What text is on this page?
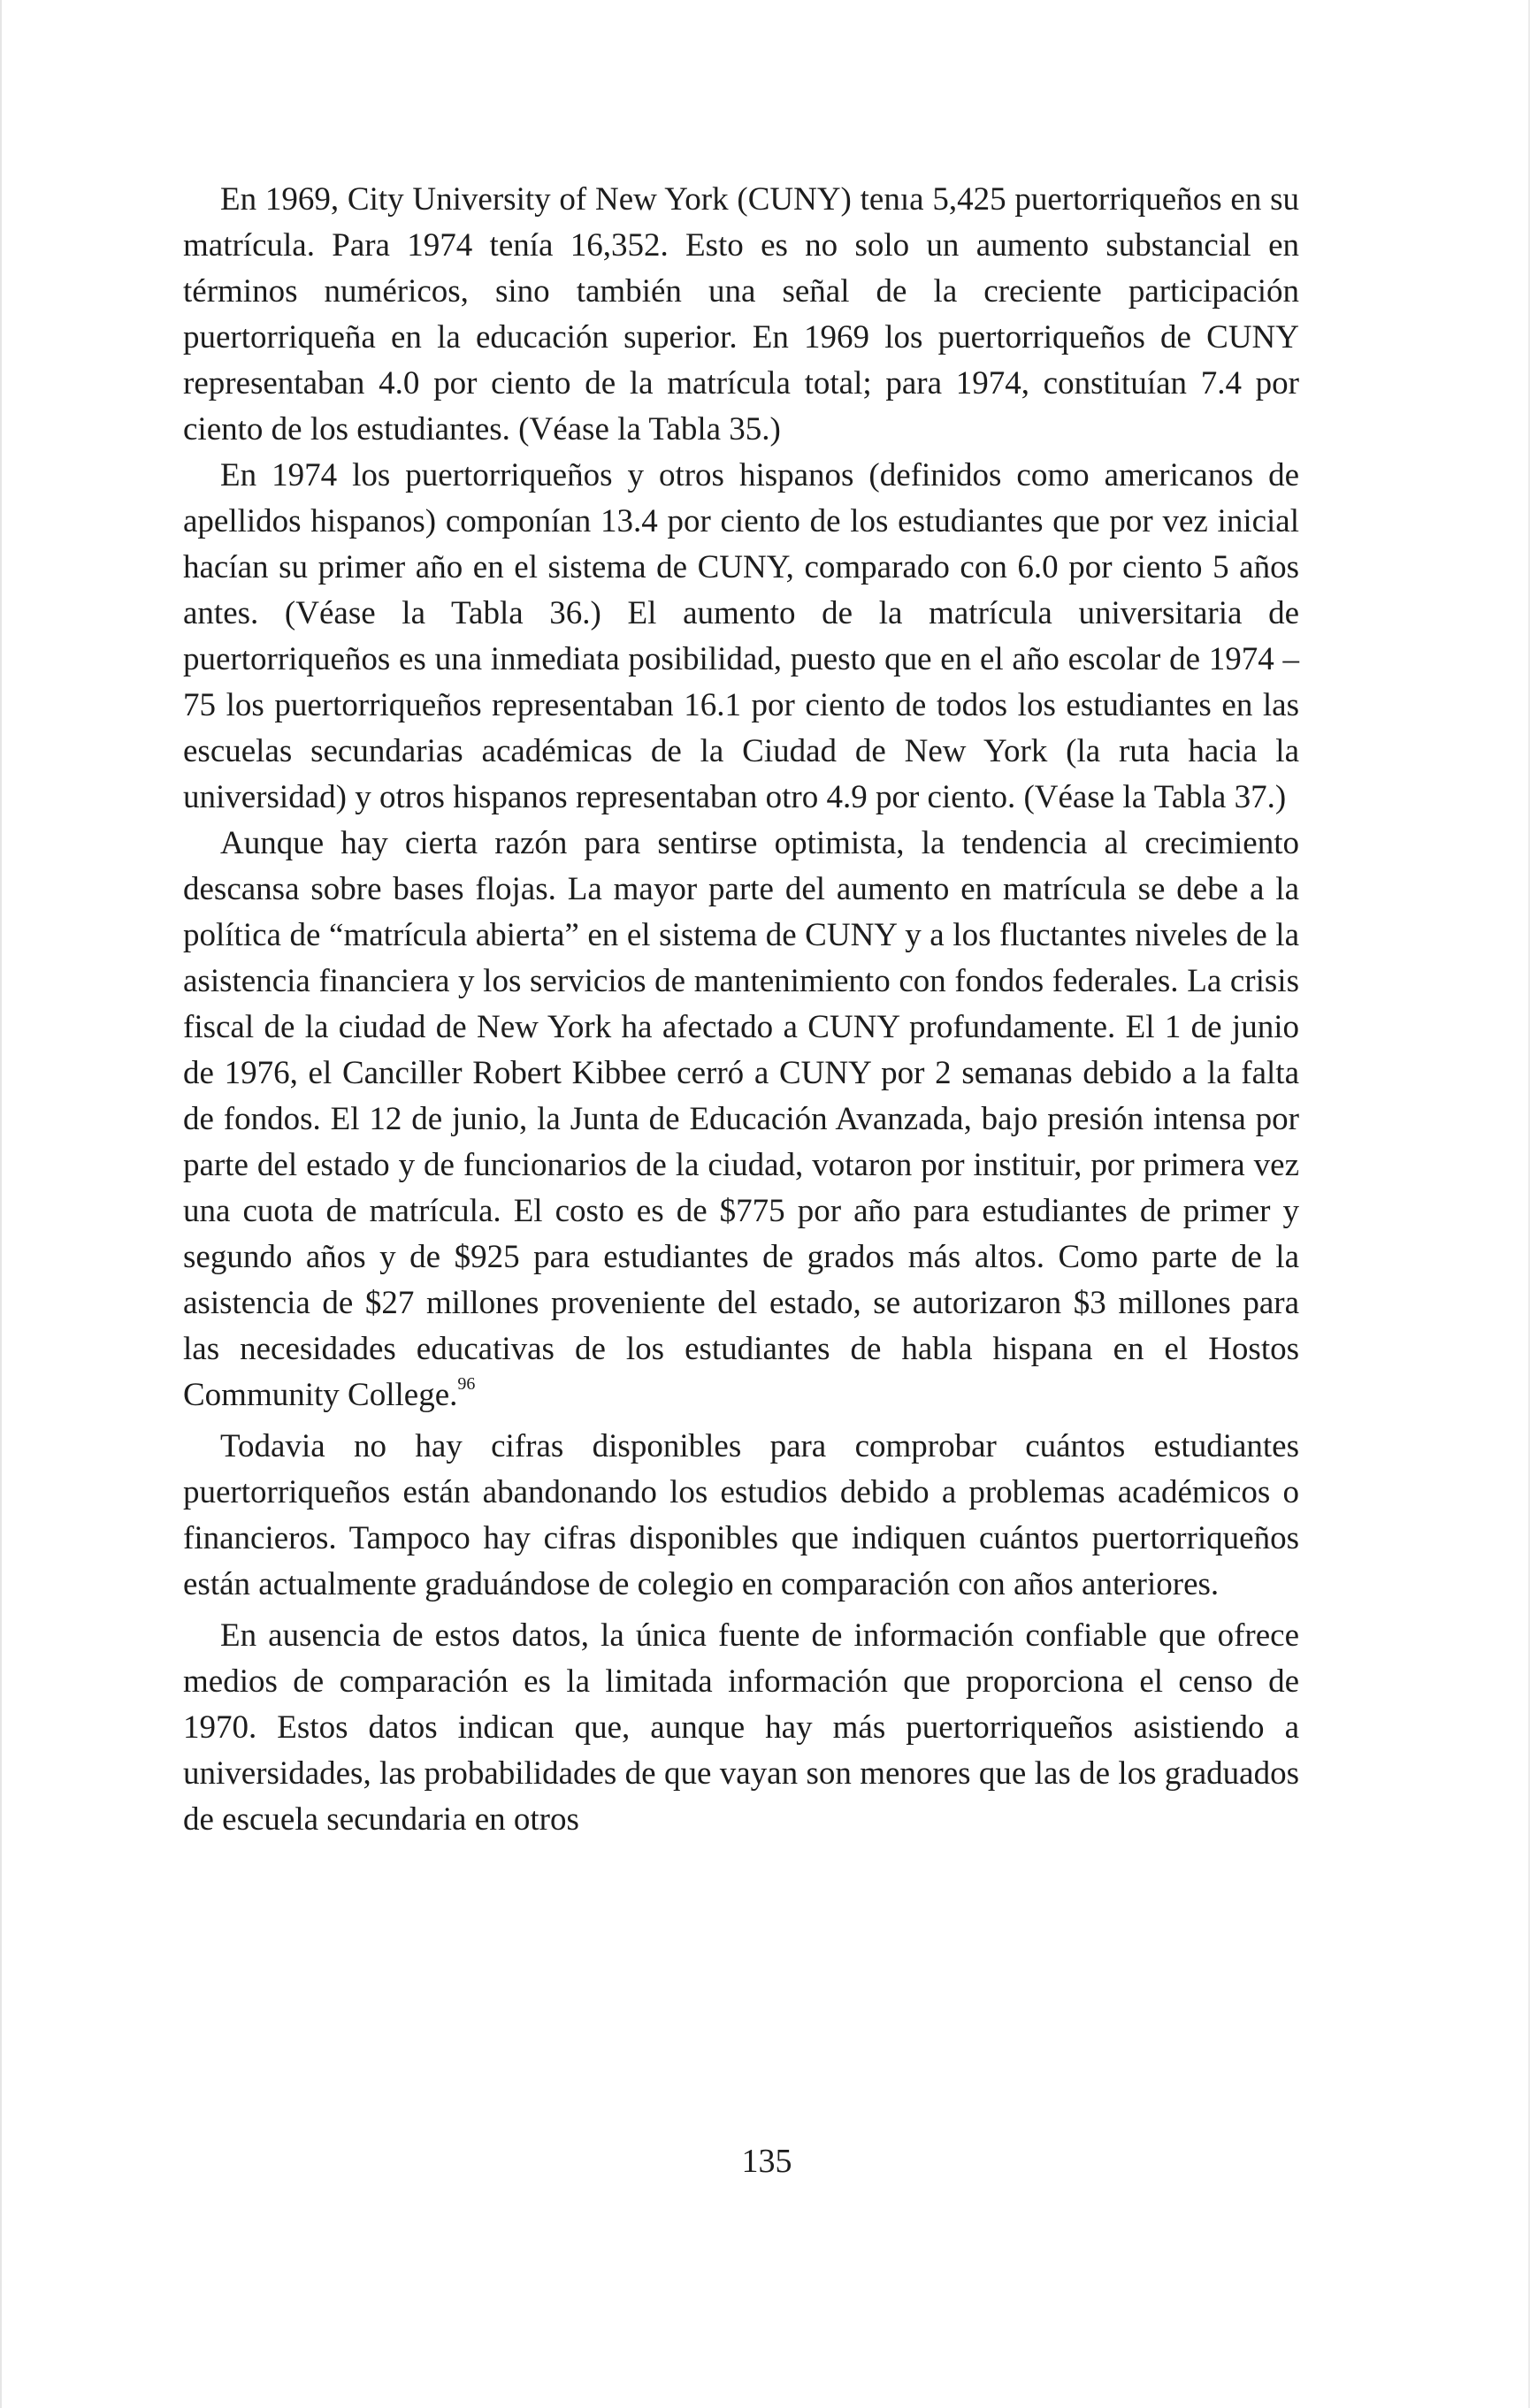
En 1969, City University of New York (CUNY) tenıa 5,425 puertorriqueños en su matrícula. Para 1974 tenía 16,352. Esto es no solo un aumento substancial en términos numéricos, sino también una señal de la creciente participación puertorriqueña en la educación superior. En 1969 los puertorriqueños de CUNY representaban 4.0 por ciento de la matrícula total; para 1974, constituían 7.4 por ciento de los estudiantes. (Véase la Tabla 35.)

En 1974 los puertorriqueños y otros hispanos (definidos como americanos de apellidos hispanos) componían 13.4 por ciento de los estudiantes que por vez inicial hacían su primer año en el sistema de CUNY, comparado con 6.0 por ciento 5 años antes. (Véase la Tabla 36.) El aumento de la matrícula universitaria de puertorriqueños es una inmediata posibilidad, puesto que en el año escolar de 1974 – 75 los puertorriqueños representaban 16.1 por ciento de todos los estudiantes en las escuelas secundarias académicas de la Ciudad de New York (la ruta hacia la universidad) y otros hispanos representaban otro 4.9 por ciento. (Véase la Tabla 37.)

Aunque hay cierta razón para sentirse optimista, la tendencia al crecimiento descansa sobre bases flojas. La mayor parte del aumento en matrícula se debe a la política de “matrícula abierta” en el sistema de CUNY y a los fluctantes niveles de la asistencia financiera y los servicios de mantenimiento con fondos federales. La crisis fiscal de la ciudad de New York ha afectado a CUNY profundamente. El 1 de junio de 1976, el Canciller Robert Kibbee cerró a CUNY por 2 semanas debido a la falta de fondos. El 12 de junio, la Junta de Educación Avanzada, bajo presión intensa por parte del estado y de funcionarios de la ciudad, votaron por instituir, por primera vez una cuota de matrícula. El costo es de $775 por año para estudiantes de primer y segundo años y de $925 para estudiantes de grados más altos. Como parte de la asistencia de $27 millones proveniente del estado, se autorizaron $3 millones para las necesidades educativas de los estudiantes de habla hispana en el Hostos Community College.$^{96}$

Todavia no hay cifras disponibles para comprobar cuántos estudiantes puertorriqueños están abandonando los estudios debido a problemas académicos o financieros. Tampoco hay cifras disponibles que indiquen cuántos puertorriqueños están actualmente graduándose de colegio en comparación con años anteriores.

En ausencia de estos datos, la única fuente de información confiable que ofrece medios de comparación es la limitada información que proporciona el censo de 1970. Estos datos indican que, aunque hay más puertorriqueños asistiendo a universidades, las probabilidades de que vayan son menores que las de los graduados de escuela secundaria en otros

135
